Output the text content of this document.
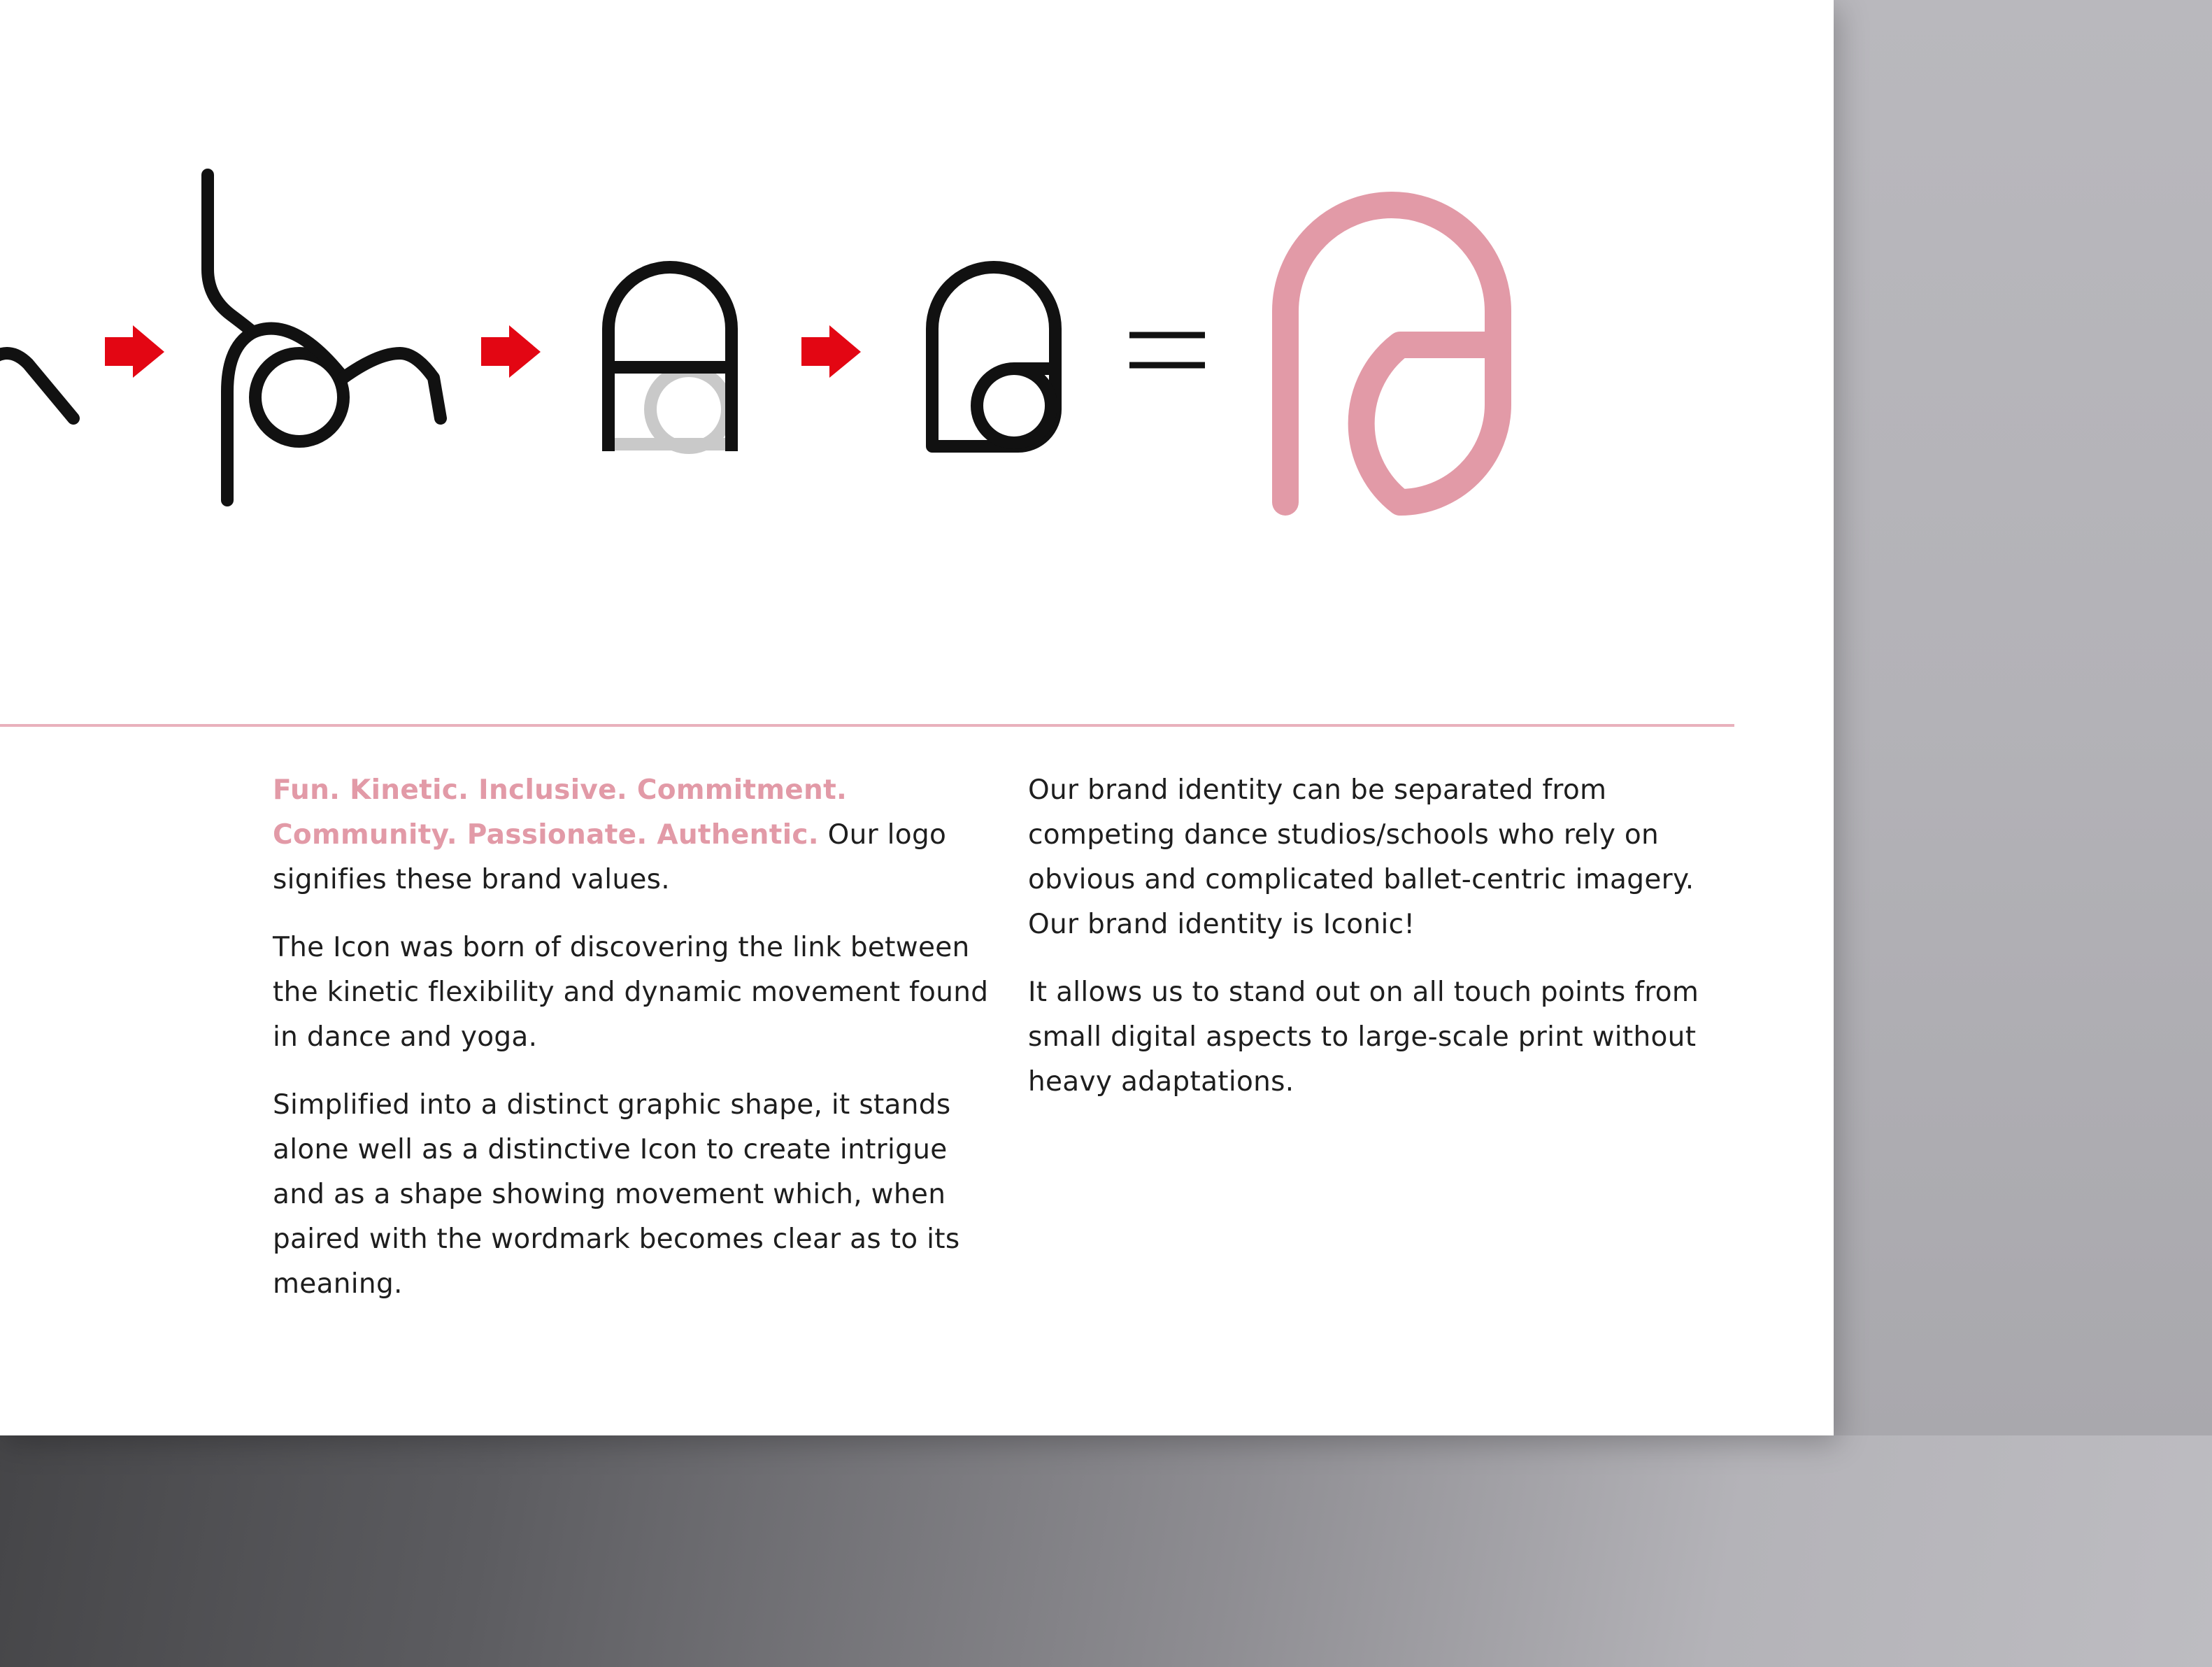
Fun. Kinetic. Inclusive. Commitment. Community. Passionate. Authentic. Our logo signifies these brand values.

The Icon was born of discovering the link between the kinetic flexibility and dynamic movement found in dance and yoga.

Simplified into a distinct graphic shape, it stands alone well as a distinctive Icon to create intrigue and as a shape showing movement which, when paired with the wordmark becomes clear as to its meaning.

Our brand identity can be separated from competing dance studios/schools who rely on obvious and complicated ballet-centric imagery. Our brand identity is Iconic!

It allows us to stand out on all touch points from small digital aspects to large-scale print without heavy adaptations.
